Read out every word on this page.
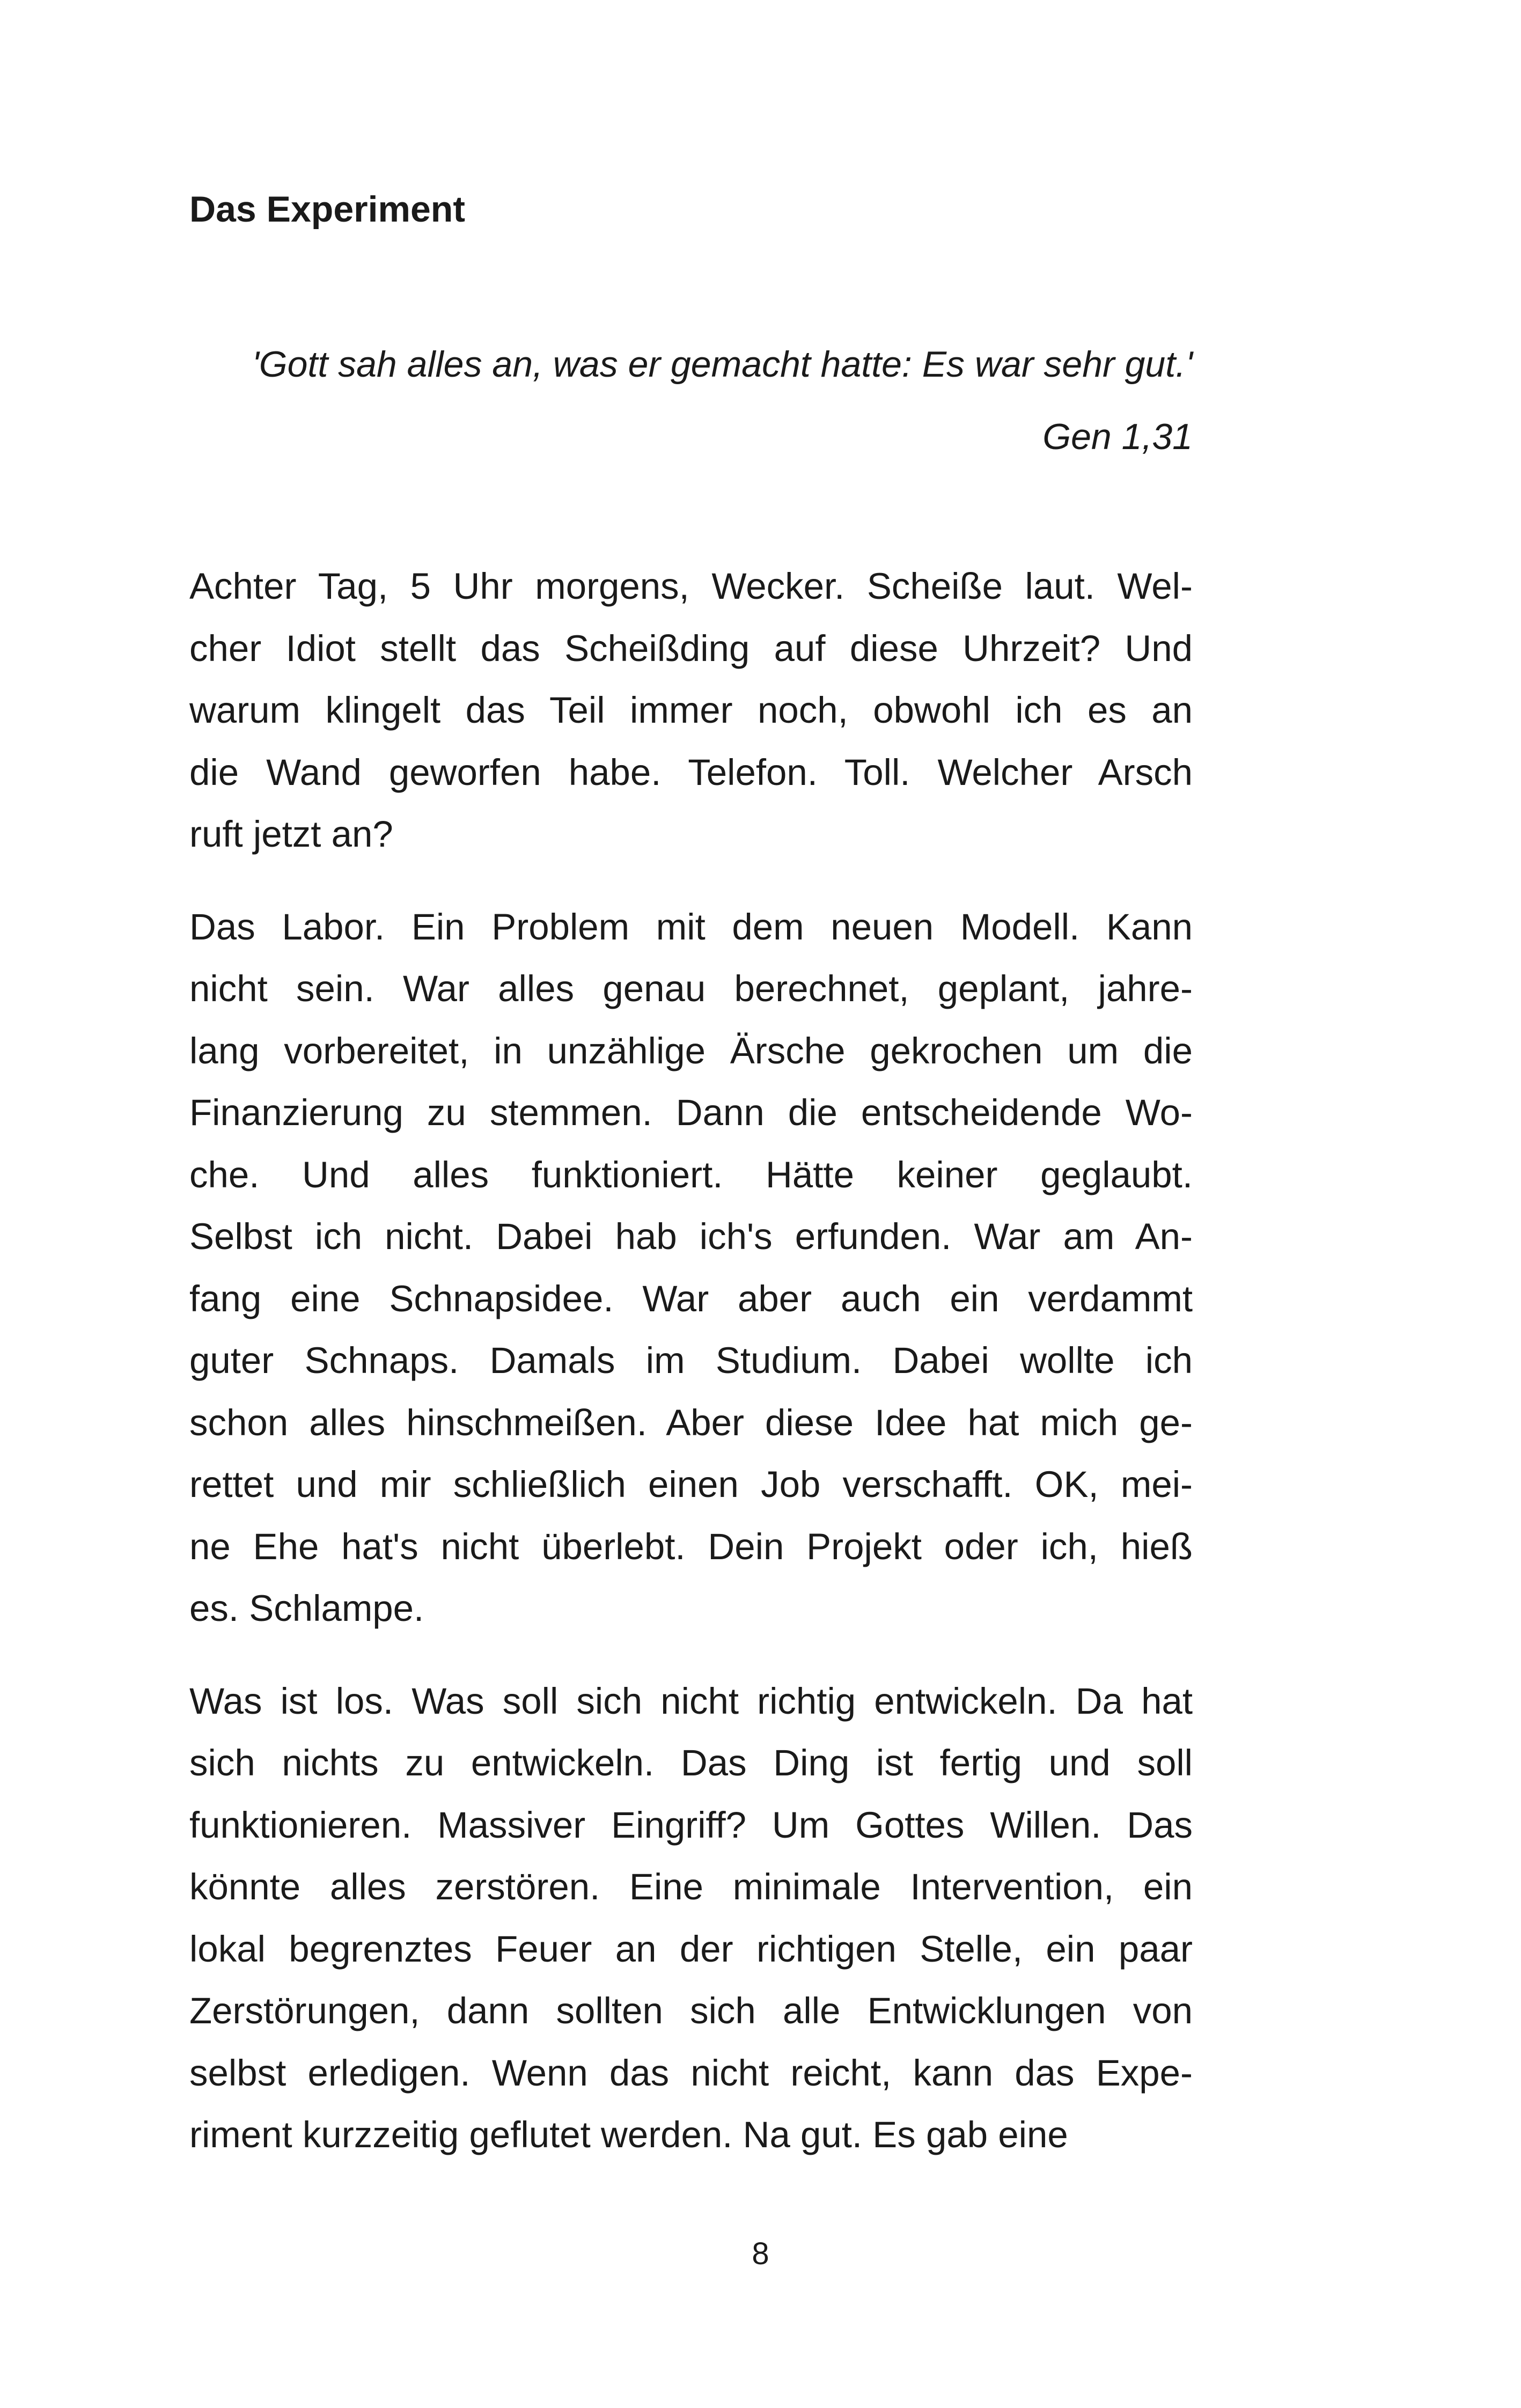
Das Experiment

'Gott sah alles an, was er gemacht hatte: Es war sehr gut.'

Gen 1,31

Achter Tag, 5 Uhr morgens, Wecker. Scheiße laut. Wel-
cher Idiot stellt das Scheißding auf diese Uhrzeit? Und
warum klingelt das Teil immer noch, obwohl ich es an
die Wand geworfen habe. Telefon. Toll. Welcher Arsch
ruft jetzt an?

Das Labor. Ein Problem mit dem neuen Modell. Kann
nicht sein. War alles genau berechnet, geplant, jahre-
lang vorbereitet, in unzählige Ärsche gekrochen um die
Finanzierung zu stemmen. Dann die entscheidende Wo-
che. Und alles funktioniert. Hätte keiner geglaubt.
Selbst ich nicht. Dabei hab ich's erfunden. War am An-
fang eine Schnapsidee. War aber auch ein verdammt
guter Schnaps. Damals im Studium. Dabei wollte ich
schon alles hinschmeißen. Aber diese Idee hat mich ge-
rettet und mir schließlich einen Job verschafft. OK, mei-
ne Ehe hat's nicht überlebt. Dein Projekt oder ich, hieß
es. Schlampe.

Was ist los. Was soll sich nicht richtig entwickeln. Da hat
sich nichts zu entwickeln. Das Ding ist fertig und soll
funktionieren. Massiver Eingriff? Um Gottes Willen. Das
könnte alles zerstören. Eine minimale Intervention, ein
lokal begrenztes Feuer an der richtigen Stelle, ein paar
Zerstörungen, dann sollten sich alle Entwicklungen von
selbst erledigen. Wenn das nicht reicht, kann das Expe-
riment kurzzeitig geflutet werden. Na gut. Es gab eine

8
